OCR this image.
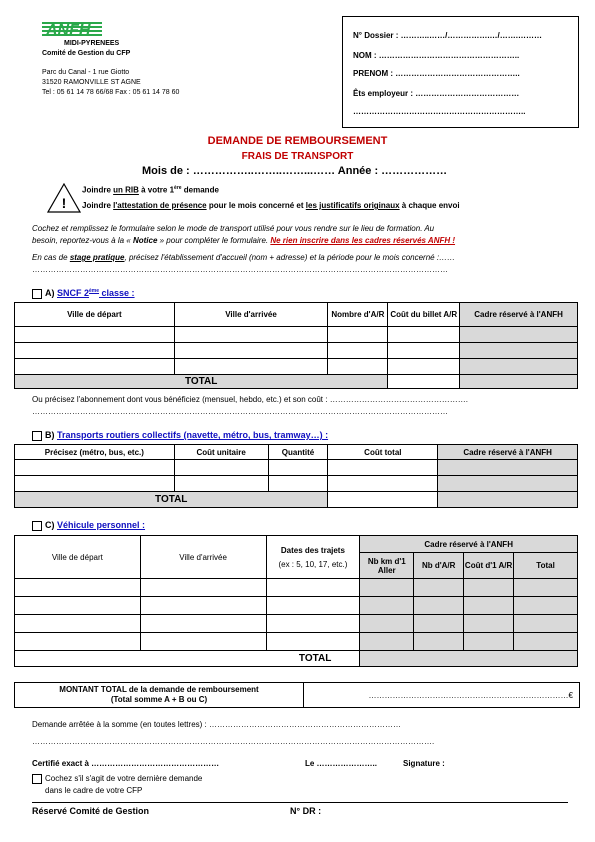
ANFH
MIDI-PYRENEES
Comité de Gestion du CFP
Parc du Canal - 1 rue Giotto
31520 RAMONVILLE ST AGNE
Tel : 05 61 14 78 66/68 Fax : 05 61 14 78 60
N° Dossier : ………..……/…………….…/…….………
NOM : ……………………………………………..
PRENOM : ………………………………………..
Êts employeur : …………………………………
………………………………………………………..
DEMANDE DE REMBOURSEMENT
FRAIS DE TRANSPORT
Mois de : ……………..……..……...…… Année : ………………
!
Joindre un RIB à votre 1ère demande
Joindre l'attestation de présence pour le mois concerné et les justificatifs originaux à chaque envoi
Cochez et remplissez le formulaire selon le mode de transport utilisé pour vous rendre sur le lieu de formation. Au
besoin, reportez-vous à la « Notice » pour compléter le formulaire. Ne rien inscrire dans les cadres réservés ANFH !
En cas de stage pratique, précisez l'établissement d'accueil (nom + adresse) et la période pour le mois concerné :……
…………………………………………………………………………………………………………………………………………
A) SNCF 2ème classe :
Ville de départ	Ville d'arrivée	Nombre d'A/R	Coût du billet A/R	Cadre réservé à l'ANFH

TOTAL				
Ou précisez l'abonnement dont vous bénéficiez (mensuel, hebdo, etc.) et son coût : …………………………………………….
…………………………………………………………………………………………………………………………………………
B) Transports routiers collectifs (navette, métro, bus, tramway…) :
Précisez (métro, bus, etc.)	Coût unitaire	Quantité	Coût total	Cadre réservé à l'ANFH

TOTAL				
C) Véhicule personnel :
Ville de départ	Ville d'arrivée	Dates des trajets
(ex : 5, 10, 17, etc.)	Cadre réservé à l'ANFH			
			Nb km d'1 Aller	Nb d'A/R	Coût d'1 A/R	Total

TOTAL						
MONTANT TOTAL de la demande de remboursement
(Total somme A + B ou C)	…………………………………………………………………€
Demande arrêtée à la somme (en toutes lettres) : ………………………………………………………………
…………………………………………………………………………………………………………………………………….
Certifié exact à …………………………………………	Le …………………..	Signature :
Cochez s'il s'agit de votre dernière demande
dans le cadre de votre CFP
Réservé Comité de Gestion	N° DR :
